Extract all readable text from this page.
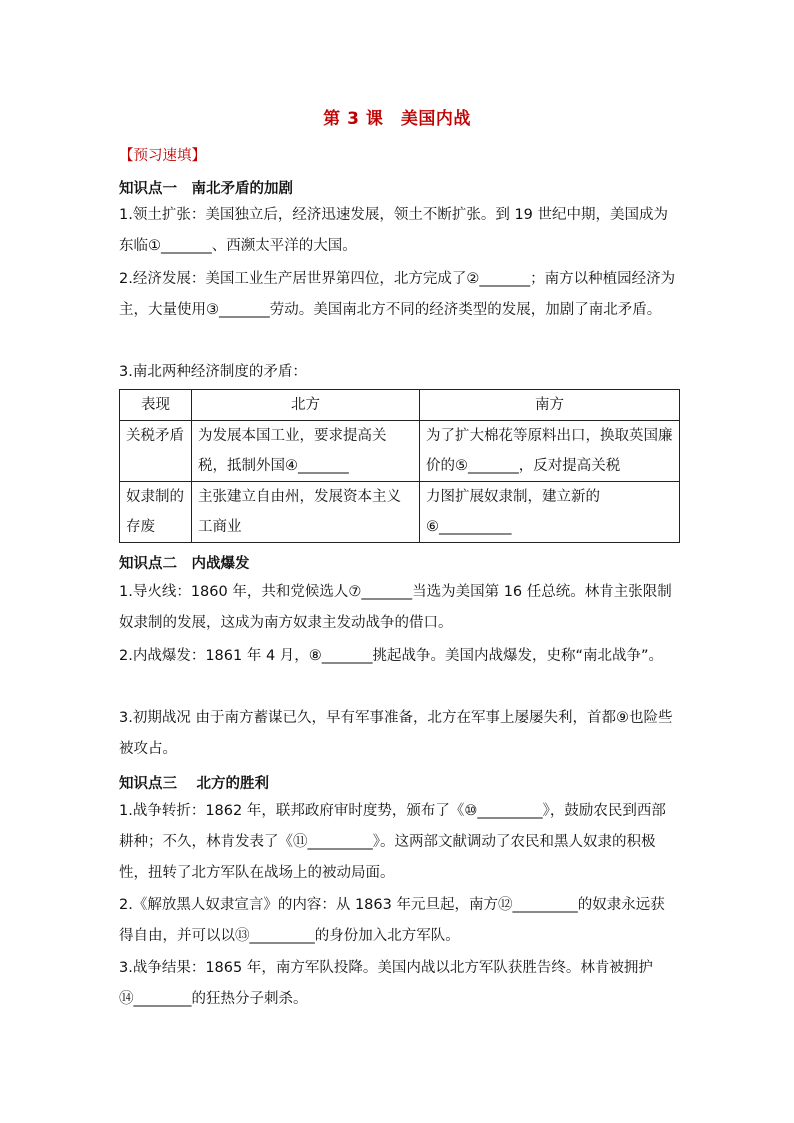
第 3 课　美国内战
【预习速填】
知识点一　南北矛盾的加剧
1.领土扩张：美国独立后，经济迅速发展，领土不断扩张。到 19 世纪中期，美国成为东临①_______、西濒太平洋的大国。
2.经济发展：美国工业生产居世界第四位，北方完成了②_______；南方以种植园经济为主，大量使用③_______劳动。美国南北方不同的经济类型的发展，加剧了南北矛盾。
3.南北两种经济制度的矛盾：
表现	北方	南方
关税矛盾	为发展本国工业，要求提高关税，抵制外国④_______	为了扩大棉花等原料出口，换取英国廉价的⑤_______，反对提高关税
奴隶制的存废	主张建立自由州，发展资本主义工商业	力图扩展奴隶制，建立新的⑥__________
知识点二　内战爆发
1.导火线：1860 年，共和党候选人⑦_______当选为美国第 16 任总统。林肯主张限制奴隶制的发展，这成为南方奴隶主发动战争的借口。
2.内战爆发：1861 年 4 月，⑧_______挑起战争。美国内战爆发，史称“南北战争”。
3.初期战况 由于南方蓄谋已久，早有军事准备，北方在军事上屡屡失利，首都⑨也险些被攻占。
知识点三　 北方的胜利
1.战争转折：1862 年，联邦政府审时度势，颁布了《⑩_________》，鼓励农民到西部耕种；不久，林肯发表了《⑪_________》。这两部文献调动了农民和黑人奴隶的积极性，扭转了北方军队在战场上的被动局面。
2.《解放黑人奴隶宣言》的内容：从 1863 年元旦起，南方⑫_________的奴隶永远获得自由，并可以以⑬_________的身份加入北方军队。
3.战争结果：1865 年，南方军队投降。美国内战以北方军队获胜告终。林肯被拥护⑭________的狂热分子刺杀。
